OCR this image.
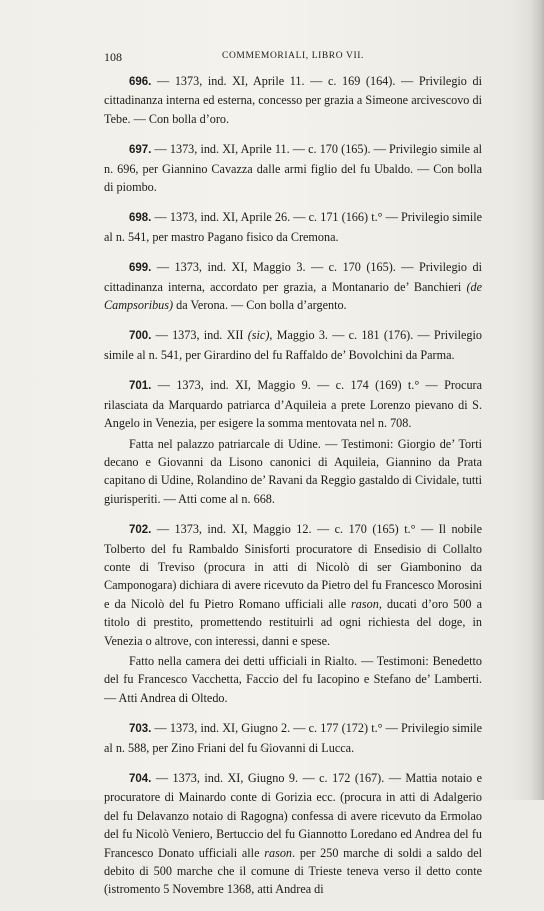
108	COMMEMORIALI, LIBRO VII.

696. — 1373, ind. XI, Aprile 11. — c. 169 (164). — Privilegio di cittadinanza interna ed esterna, concesso per grazia a Simeone arcivescovo di Tebe. — Con bolla d’oro.

697. — 1373, ind. XI, Aprile 11. — c. 170 (165). — Privilegio simile al n. 696, per Giannino Cavazza dalle armi figlio del fu Ubaldo. — Con bolla di piombo.

698. — 1373, ind. XI, Aprile 26. — c. 171 (166) t.° — Privilegio simile al n. 541, per mastro Pagano fisico da Cremona.

699. — 1373, ind. XI, Maggio 3. — c. 170 (165). — Privilegio di cittadinanza interna, accordato per grazia, a Montanario de’ Banchieri (de Campsoribus) da Verona. — Con bolla d’argento.

700. — 1373, ind. XII (sic), Maggio 3. — c. 181 (176). — Privilegio simile al n. 541, per Girardino del fu Raffaldo de’ Bovolchini da Parma.

701. — 1373, ind. XI, Maggio 9. — c. 174 (169) t.° — Procura rilasciata da Marquardo patriarca d’Aquileia a prete Lorenzo pievano di S. Angelo in Venezia, per esigere la somma mentovata nel n. 708.

Fatta nel palazzo patriarcale di Udine. — Testimoni: Giorgio de’ Torti decano e Giovanni da Lisono canonici di Aquileia, Giannino da Prata capitano di Udine, Rolandino de’ Ravani da Reggio gastaldo di Cividale, tutti giurisperiti. — Atti come al n. 668.

702. — 1373, ind. XI, Maggio 12. — c. 170 (165) t.° — Il nobile Tolberto del fu Rambaldo Sinisforti procuratore di Ensedisio di Collalto conte di Treviso (procura in atti di Nicolò di ser Giambonino da Camponogara) dichiara di avere ricevuto da Pietro del fu Francesco Morosini e da Nicolò del fu Pietro Romano ufficiali alle rason, ducati d’oro 500 a titolo di prestito, promettendo restituirli ad ogni richiesta del doge, in Venezia o altrove, con interessi, danni e spese.

Fatto nella camera dei detti ufficiali in Rialto. — Testimoni: Benedetto del fu Francesco Vacchetta, Faccio del fu Iacopino e Stefano de’ Lamberti. — Atti Andrea di Oltedo.

703. — 1373, ind. XI, Giugno 2. — c. 177 (172) t.° — Privilegio simile al n. 588, per Zino Friani del fu Giovanni di Lucca.

704. — 1373, ind. XI, Giugno 9. — c. 172 (167). — Mattia notaio e procuratore di Mainardo conte di Gorizia ecc. (procura in atti di Adalgerio del fu Delavanzo notaio di Ragogna) confessa di avere ricevuto da Ermolao del fu Nicolò Veniero, Bertuccio del fu Giannotto Loredano ed Andrea del fu Francesco Donato ufficiali alle rason. per 250 marche di soldi a saldo del debito di 500 marche che il comune di Trieste teneva verso il detto conte (istromento 5 Novembre 1368, atti Andrea di
